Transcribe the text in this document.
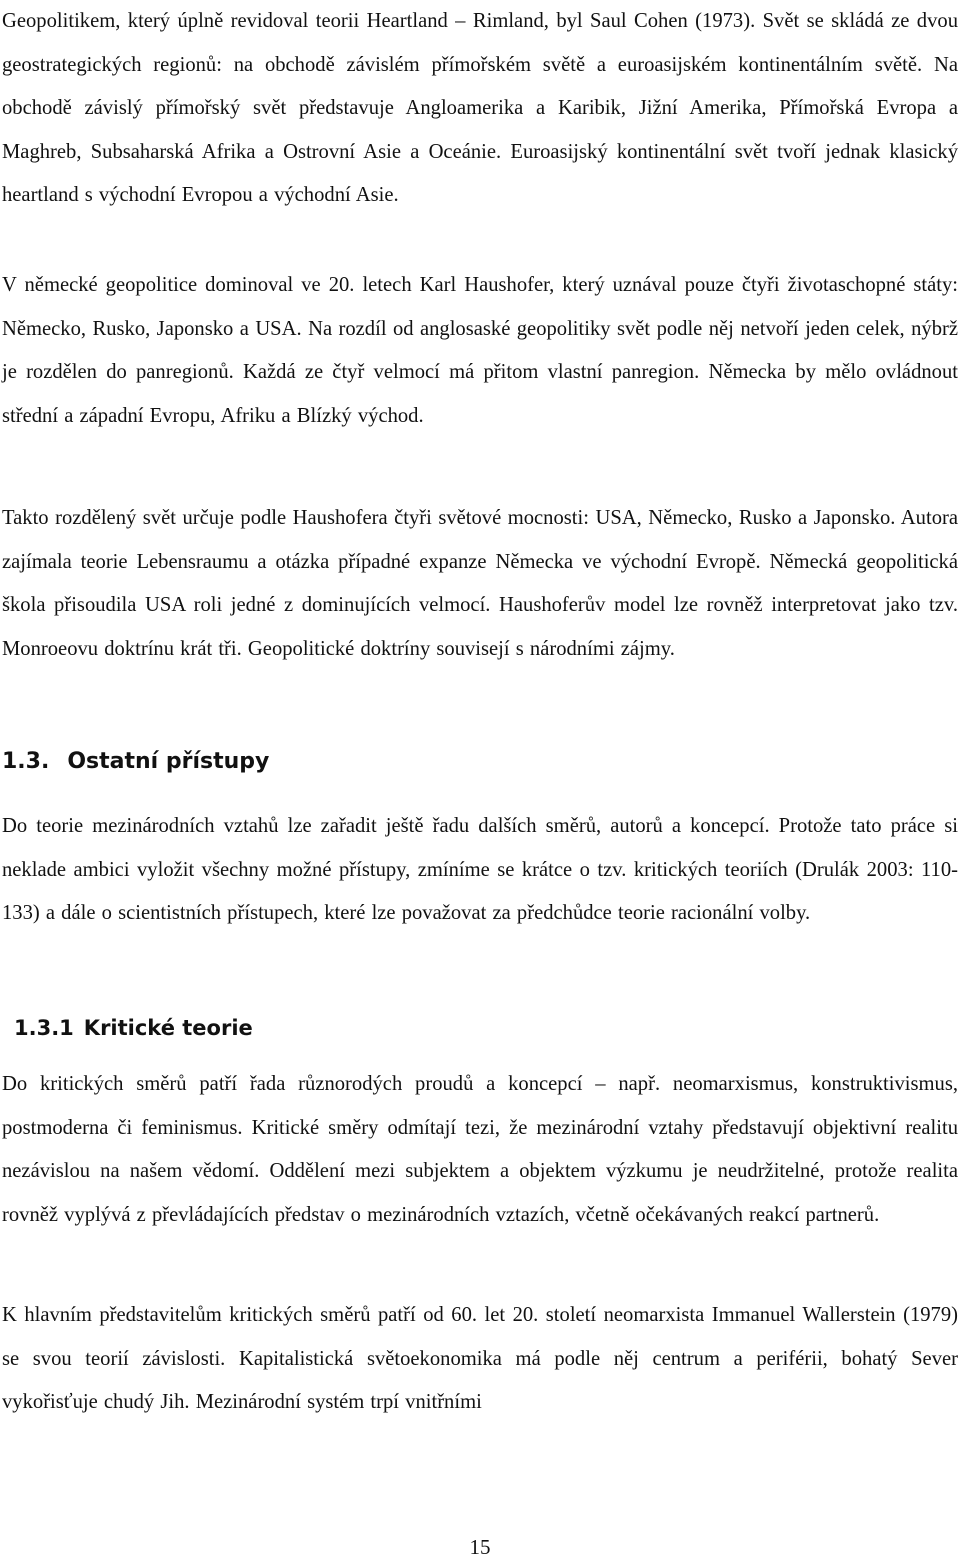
Geopolitikem, který úplně revidoval teorii Heartland – Rimland, byl Saul Cohen (1973). Svět se skládá ze dvou geostrategických regionů: na obchodě závislém přímořském světě a euroasijském kontinentálním světě. Na obchodě závislý přímořský svět představuje Angloamerika a Karibik, Jižní Amerika, Přímořská Evropa a Maghreb, Subsaharská Afrika a Ostrovní Asie a Oceánie. Euroasijský kontinentální svět tvoří jednak klasický heartland s východní Evropou a východní Asie.

V německé geopolitice dominoval ve 20. letech Karl Haushofer, který uznával pouze čtyři životaschopné státy: Německo, Rusko, Japonsko a USA. Na rozdíl od anglosaské geopolitiky svět podle něj netvoří jeden celek, nýbrž je rozdělen do panregionů. Každá ze čtyř velmocí má přitom vlastní panregion. Německa by mělo ovládnout střední a západní Evropu, Afriku a Blízký východ.

Takto rozdělený svět určuje podle Haushofera čtyři světové mocnosti: USA, Německo, Rusko a Japonsko. Autora zajímala teorie Lebensraumu a otázka případné expanze Německa ve východní Evropě. Německá geopolitická škola přisoudila USA roli jedné z dominujících velmocí. Haushoferův model lze rovněž interpretovat jako tzv. Monroeovu doktrínu krát tři. Geopolitické doktríny souvisejí s národními zájmy.

1.3. Ostatní přístupy

Do teorie mezinárodních vztahů lze zařadit ještě řadu dalších směrů, autorů a koncepcí. Protože tato práce si neklade ambici vyložit všechny možné přístupy, zmíníme se krátce o tzv. kritických teoriích (Drulák 2003: 110-133) a dále o scientistních přístupech, které lze považovat za předchůdce teorie racionální volby.

1.3.1 Kritické teorie

Do kritických směrů patří řada různorodých proudů a koncepcí – např. neomarxismus, konstruktivismus, postmoderna či feminismus. Kritické směry odmítají tezi, že mezinárodní vztahy představují objektivní realitu nezávislou na našem vědomí. Oddělení mezi subjektem a objektem výzkumu je neudržitelné, protože realita rovněž vyplývá z převládajících představ o mezinárodních vztazích, včetně očekávaných reakcí partnerů.

K hlavním představitelům kritických směrů patří od 60. let 20. století neomarxista Immanuel Wallerstein (1979) se svou teorií závislosti. Kapitalistická světoekonomika má podle něj centrum a periférii, bohatý Sever vykořisťuje chudý Jih. Mezinárodní systém trpí vnitřními

15
